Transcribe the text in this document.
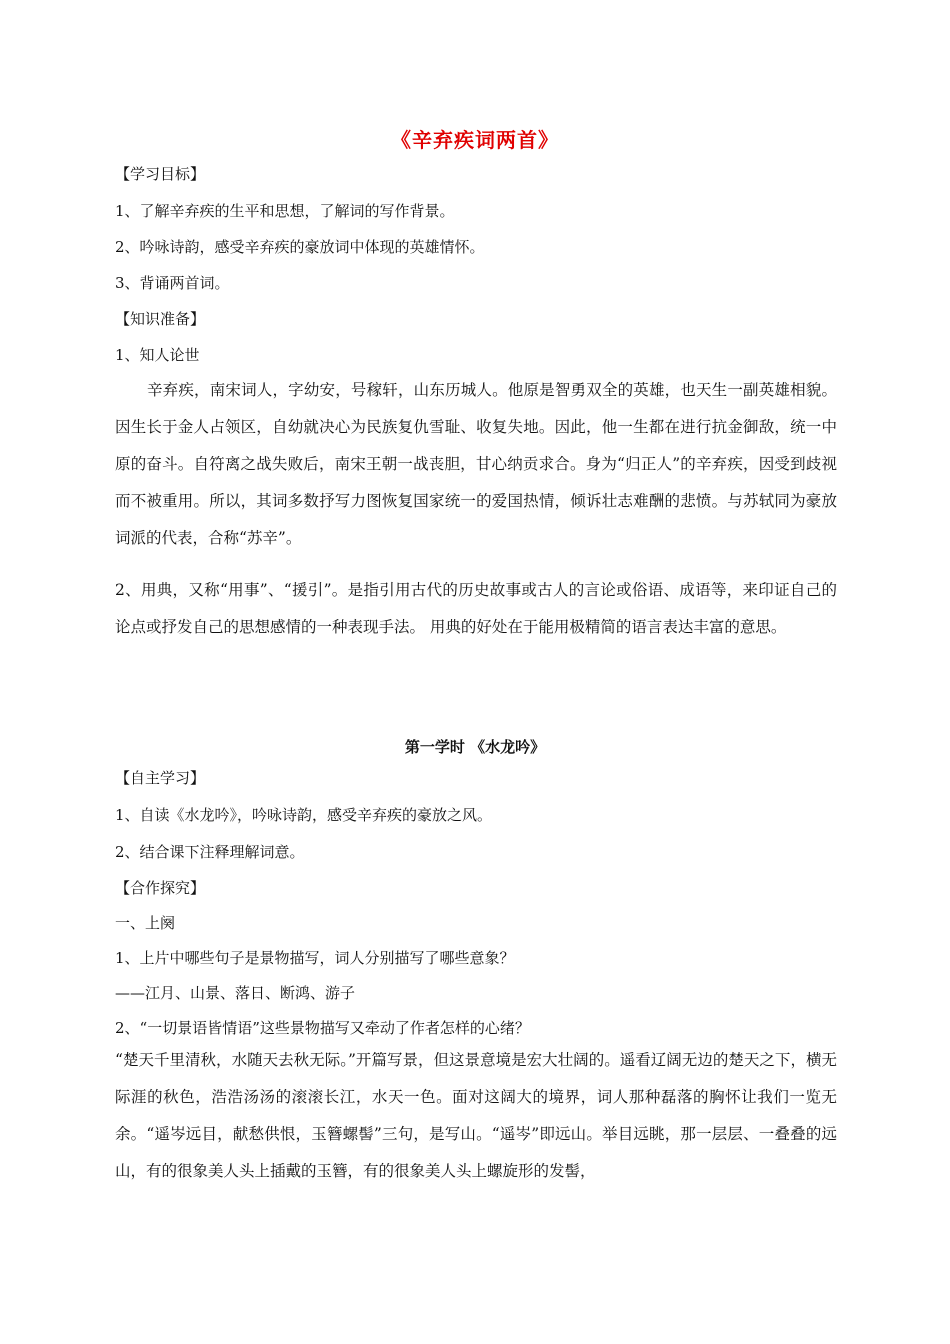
《辛弃疾词两首》
【学习目标】
1、了解辛弃疾的生平和思想，了解词的写作背景。
2、吟咏诗韵，感受辛弃疾的豪放词中体现的英雄情怀。
3、背诵两首词。
【知识准备】
1、知人论世
辛弃疾，南宋词人，字幼安，号稼轩，山东历城人。他原是智勇双全的英雄，也天生一副英雄相貌。因生长于金人占领区，自幼就决心为民族复仇雪耻、收复失地。因此，他一生都在进行抗金御敌，统一中原的奋斗。自符离之战失败后，南宋王朝一战丧胆，甘心纳贡求合。身为“归正人”的辛弃疾，因受到歧视而不被重用。所以，其词多数抒写力图恢复国家统一的爱国热情，倾诉壮志难酬的悲愤。与苏轼同为豪放词派的代表，合称“苏辛”。
2、用典，又称“用事”、“援引”。是指引用古代的历史故事或古人的言论或俗语、成语等，来印证自己的论点或抒发自己的思想感情的一种表现手法。 用典的好处在于能用极精简的语言表达丰富的意思。
第一学时 《水龙吟》
【自主学习】
1、自读《水龙吟》，吟咏诗韵，感受辛弃疾的豪放之风。
2、结合课下注释理解词意。
【合作探究】
一、上阕
1、上片中哪些句子是景物描写，词人分别描写了哪些意象？
——江月、山景、落日、断鸿、游子
2、“一切景语皆情语”这些景物描写又牵动了作者怎样的心绪？
“楚天千里清秋，水随天去秋无际。”开篇写景，但这景意境是宏大壮阔的。遥看辽阔无边的楚天之下，横无际涯的秋色，浩浩汤汤的滚滚长江，水天一色。面对这阔大的境界，词人那种磊落的胸怀让我们一览无余。“遥岑远目，献愁供恨，玉簪螺髻”三句，是写山。“遥岑”即远山。举目远眺，那一层层、一叠叠的远山，有的很象美人头上插戴的玉簪，有的很象美人头上螺旋形的发髻，
